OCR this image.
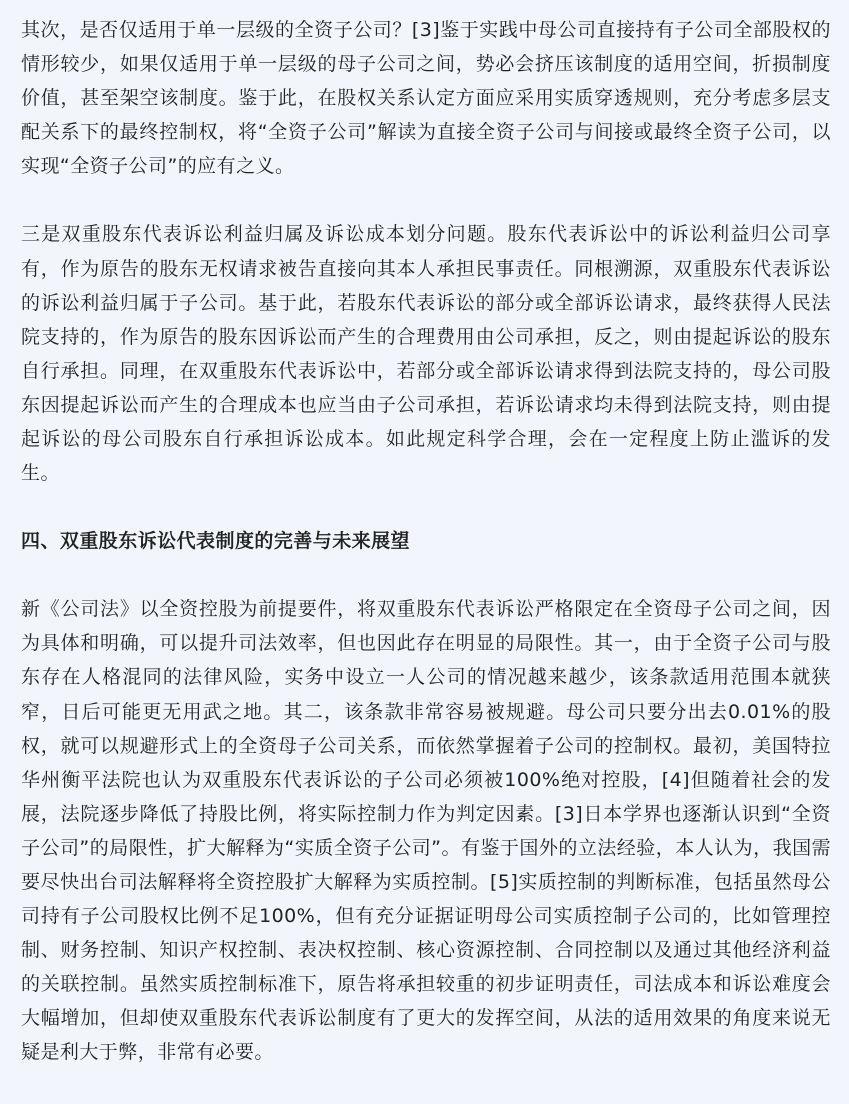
其次，是否仅适用于单一层级的全资子公司？[3]鉴于实践中母公司直接持有子公司全部股权的情形较少，如果仅适用于单一层级的母子公司之间，势必会挤压该制度的适用空间，折损制度价值，甚至架空该制度。鉴于此，在股权关系认定方面应采用实质穿透规则，充分考虑多层支配关系下的最终控制权，将“全资子公司”解读为直接全资子公司与间接或最终全资子公司，以实现“全资子公司”的应有之义。

三是双重股东代表诉讼利益归属及诉讼成本划分问题。股东代表诉讼中的诉讼利益归公司享有，作为原告的股东无权请求被告直接向其本人承担民事责任。同根溯源，双重股东代表诉讼的诉讼利益归属于子公司。基于此，若股东代表诉讼的部分或全部诉讼请求，最终获得人民法院支持的，作为原告的股东因诉讼而产生的合理费用由公司承担，反之，则由提起诉讼的股东自行承担。同理，在双重股东代表诉讼中，若部分或全部诉讼请求得到法院支持的，母公司股东因提起诉讼而产生的合理成本也应当由子公司承担，若诉讼请求均未得到法院支持，则由提起诉讼的母公司股东自行承担诉讼成本。如此规定科学合理，会在一定程度上防止滥诉的发生。

四、双重股东诉讼代表制度的完善与未来展望

新《公司法》以全资控股为前提要件，将双重股东代表诉讼严格限定在全资母子公司之间，因为具体和明确，可以提升司法效率，但也因此存在明显的局限性。其一，由于全资子公司与股东存在人格混同的法律风险，实务中设立一人公司的情况越来越少，该条款适用范围本就狭窄，日后可能更无用武之地。其二，该条款非常容易被规避。母公司只要分出去0.01%的股权，就可以规避形式上的全资母子公司关系，而依然掌握着子公司的控制权。最初，美国特拉华州衡平法院也认为双重股东代表诉讼的子公司必须被100%绝对控股，[4]但随着社会的发展，法院逐步降低了持股比例，将实际控制力作为判定因素。[3]日本学界也逐渐认识到“全资子公司”的局限性，扩大解释为“实质全资子公司”。有鉴于国外的立法经验，本人认为，我国需要尽快出台司法解释将全资控股扩大解释为实质控制。[5]实质控制的判断标准，包括虽然母公司持有子公司股权比例不足100%，但有充分证据证明母公司实质控制子公司的，比如管理控制、财务控制、知识产权控制、表决权控制、核心资源控制、合同控制以及通过其他经济利益的关联控制。虽然实质控制标准下，原告将承担较重的初步证明责任，司法成本和诉讼难度会大幅增加，但却使双重股东代表诉讼制度有了更大的发挥空间，从法的适用效果的角度来说无疑是利大于弊，非常有必要。
